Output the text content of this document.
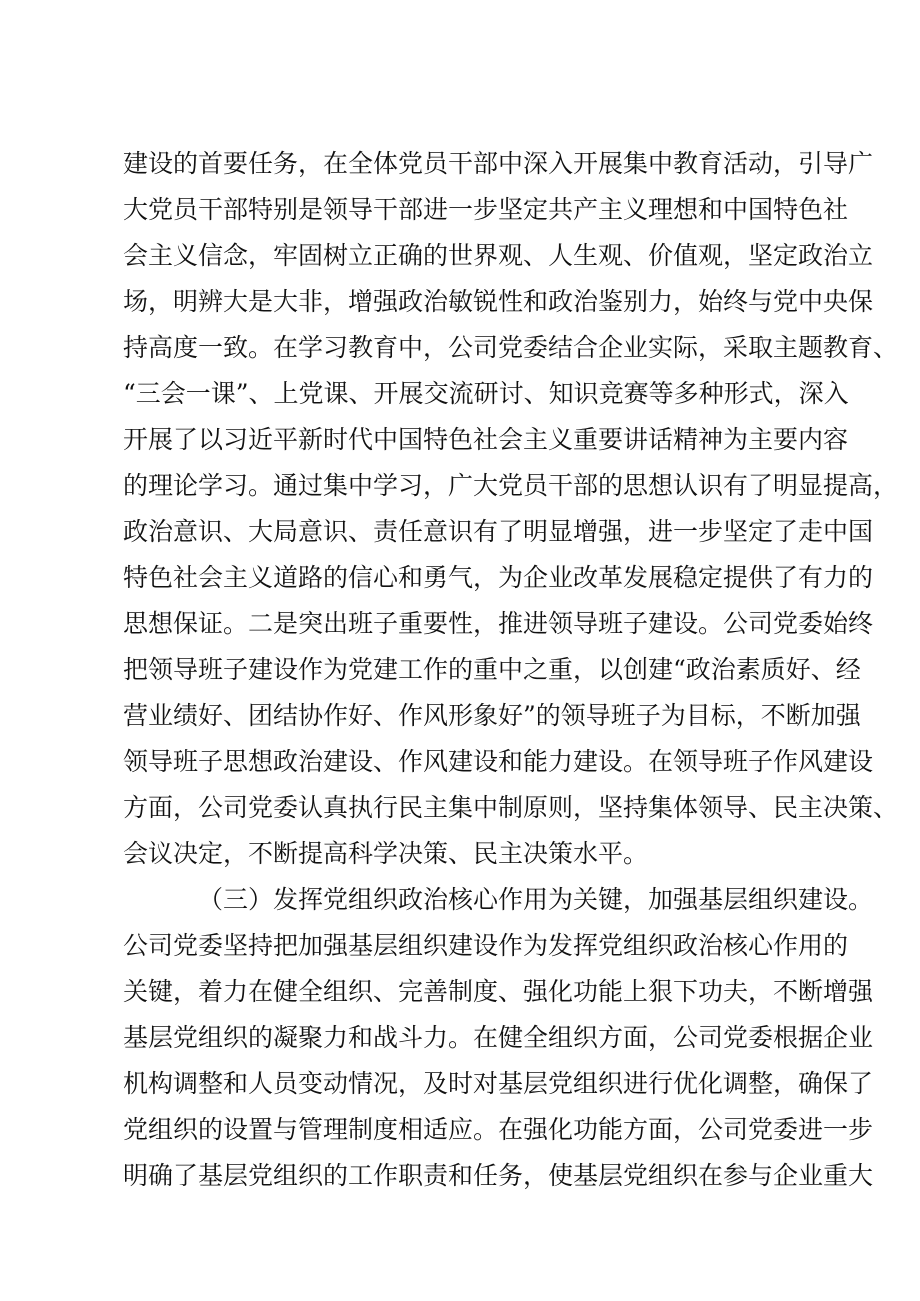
建设的首要任务，在全体党员干部中深入开展集中教育活动，引导广
大党员干部特别是领导干部进一步坚定共产主义理想和中国特色社
会主义信念，牢固树立正确的世界观、人生观、价值观，坚定政治立
场，明辨大是大非，增强政治敏锐性和政治鉴别力，始终与党中央保
持高度一致。在学习教育中，公司党委结合企业实际，采取主题教育、
“三会一课”、上党课、开展交流研讨、知识竞赛等多种形式，深入
开展了以习近平新时代中国特色社会主义重要讲话精神为主要内容
的理论学习。通过集中学习，广大党员干部的思想认识有了明显提高，
政治意识、大局意识、责任意识有了明显增强，进一步坚定了走中国
特色社会主义道路的信心和勇气，为企业改革发展稳定提供了有力的
思想保证。二是突出班子重要性，推进领导班子建设。公司党委始终
把领导班子建设作为党建工作的重中之重，以创建“政治素质好、经
营业绩好、团结协作好、作风形象好”的领导班子为目标，不断加强
领导班子思想政治建设、作风建设和能力建设。在领导班子作风建设
方面，公司党委认真执行民主集中制原则，坚持集体领导、民主决策、
会议决定，不断提高科学决策、民主决策水平。
（三）发挥党组织政治核心作用为关键，加强基层组织建设。
公司党委坚持把加强基层组织建设作为发挥党组织政治核心作用的
关键，着力在健全组织、完善制度、强化功能上狠下功夫，不断增强
基层党组织的凝聚力和战斗力。在健全组织方面，公司党委根据企业
机构调整和人员变动情况，及时对基层党组织进行优化调整，确保了
党组织的设置与管理制度相适应。在强化功能方面，公司党委进一步
明确了基层党组织的工作职责和任务，使基层党组织在参与企业重大
